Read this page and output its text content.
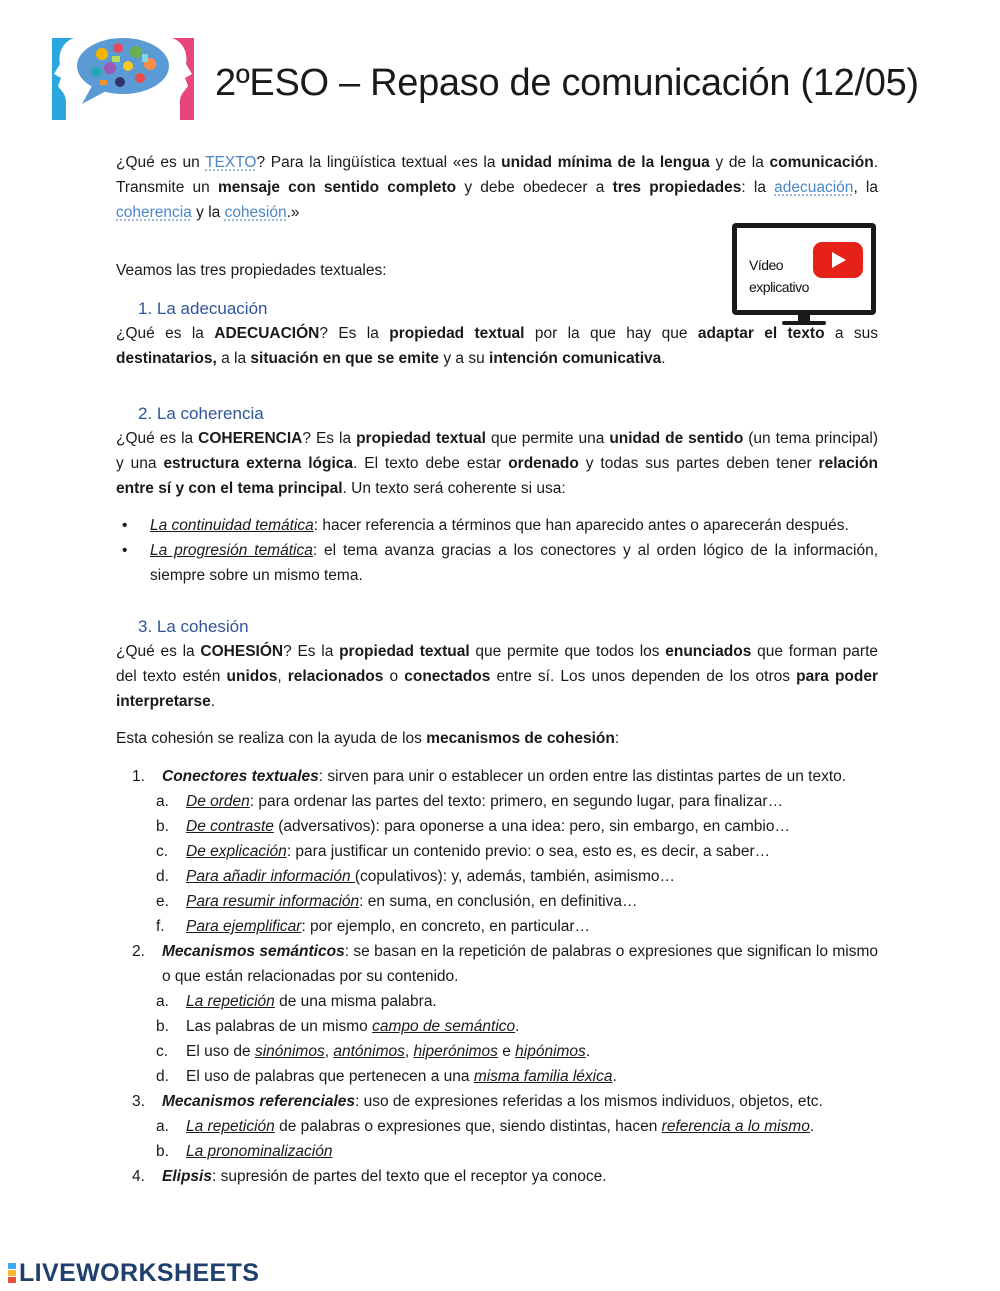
2ºESO – Repaso de comunicación (12/05)
Vídeo
explicativo

¿Qué es un TEXTO? Para la lingüística textual «es la unidad mínima de la lengua y de la comunicación. Transmite un mensaje con sentido completo y debe obedecer a tres propiedades: la adecuación, la coherencia y la cohesión.»

Veamos las tres propiedades textuales:

1. La adecuación

¿Qué es la ADECUACIÓN? Es la propiedad textual por la que hay que adaptar el texto a sus destinatarios, a la situación en que se emite y a su intención comunicativa.

2. La coherencia

¿Qué es la COHERENCIA? Es la propiedad textual que permite una unidad de sentido (un tema principal) y una estructura externa lógica. El texto debe estar ordenado y todas sus partes deben tener relación entre sí y con el tema principal. Un texto será coherente si usa:

• La continuidad temática: hacer referencia a términos que han aparecido antes o aparecerán después.
• La progresión temática: el tema avanza gracias a los conectores y al orden lógico de la información, siempre sobre un mismo tema.
3. La cohesión

¿Qué es la COHESIÓN? Es la propiedad textual que permite que todos los enunciados que forman parte del texto estén unidos, relacionados o conectados entre sí. Los unos dependen de los otros para poder interpretarse.

Esta cohesión se realiza con la ayuda de los mecanismos de cohesión:

1. Conectores textuales: sirven para unir o establecer un orden entre las distintas partes de un texto.
a. De orden: para ordenar las partes del texto: primero, en segundo lugar, para finalizar…
b. De contraste (adversativos): para oponerse a una idea: pero, sin embargo, en cambio…
c. De explicación: para justificar un contenido previo: o sea, esto es, es decir, a saber…
d. Para añadir información (copulativos): y, además, también, asimismo…
e. Para resumir información: en suma, en conclusión, en definitiva…
f. Para ejemplificar: por ejemplo, en concreto, en particular…
2. Mecanismos semánticos: se basan en la repetición de palabras o expresiones que significan lo mismo o que están relacionadas por su contenido.
a. La repetición de una misma palabra.
b. Las palabras de un mismo campo de semántico.
c. El uso de sinónimos, antónimos, hiperónimos e hipónimos.
d. El uso de palabras que pertenecen a una misma familia léxica.
3. Mecanismos referenciales: uso de expresiones referidas a los mismos individuos, objetos, etc.
a. La repetición de palabras o expresiones que, siendo distintas, hacen referencia a lo mismo.
b. La pronominalización
4. Elipsis: supresión de partes del texto que el receptor ya conoce.
LIVEWORKSHEETS
